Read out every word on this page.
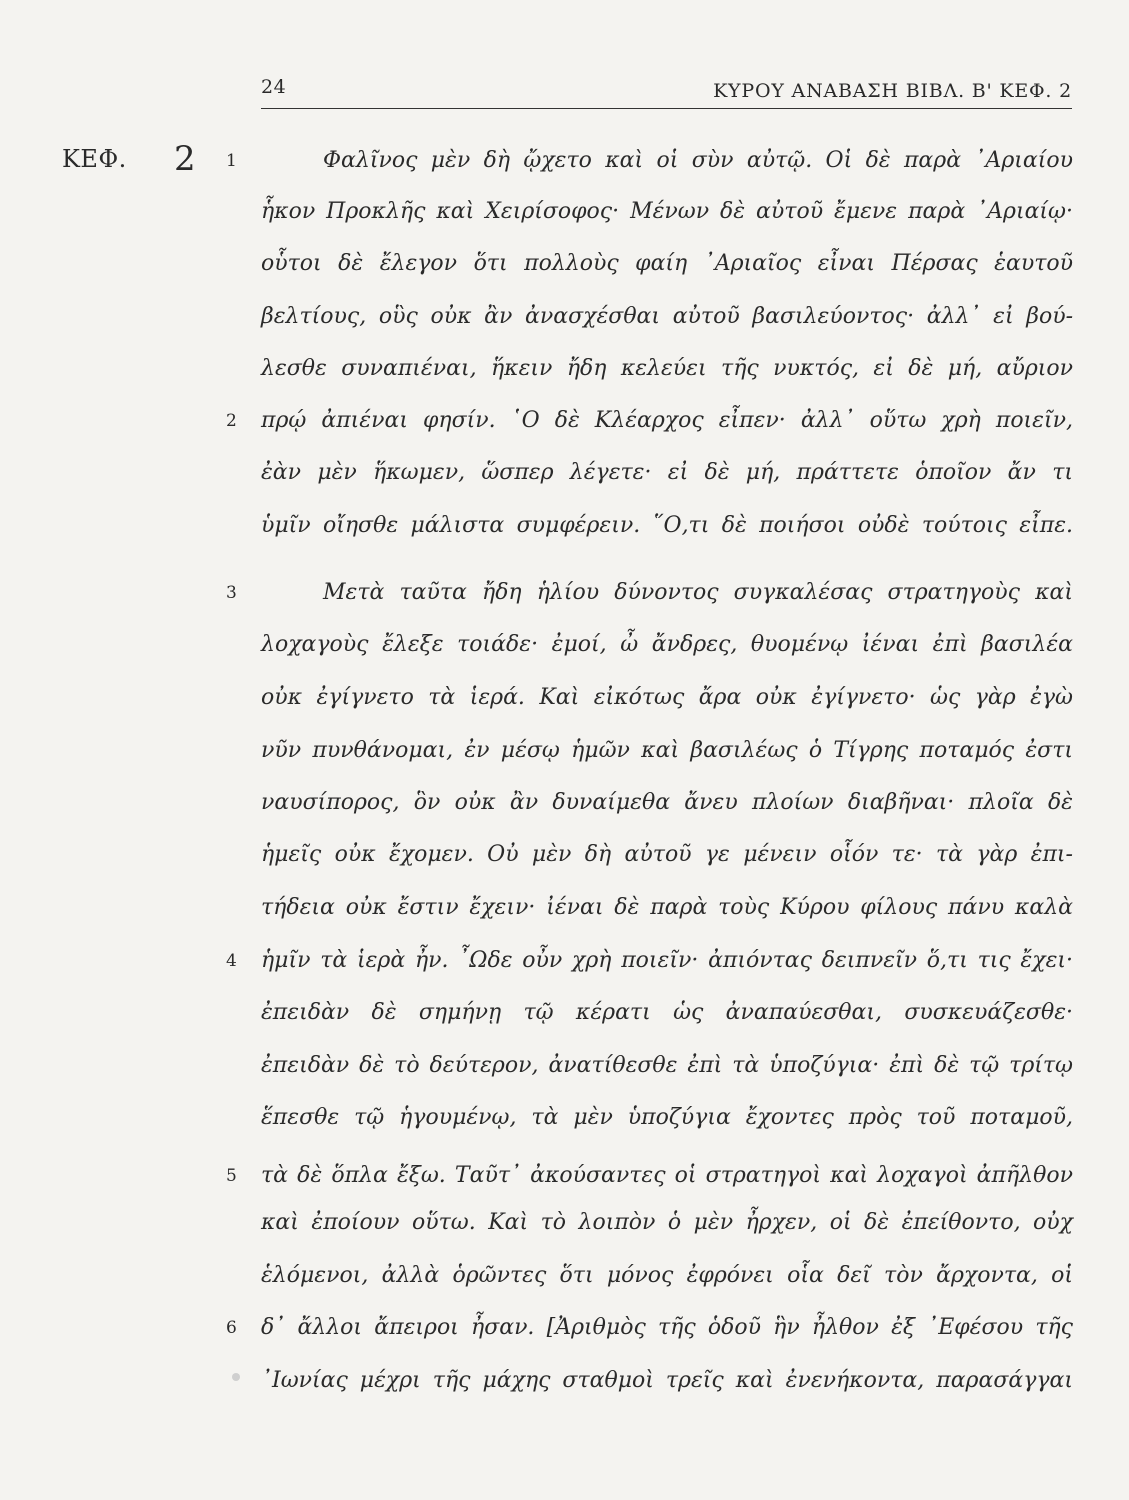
24	ΚΥΡΟΥ ΑΝΑΒΑΣΗ ΒΙΒΛ. Β' ΚΕΦ. 2
ΚΕΦ. 2 1
2
3
4
5
6
Φαλῖνος μὲν δὴ ᾤχετο καὶ οἱ σὺν αὐτῷ. Οἱ δὲ παρὰ ᾿Αριαίου
ἧκον Προκλῆς καὶ Χειρίσοφος· Μένων δὲ αὐτοῦ ἔμενε παρὰ ᾿Αριαίῳ·
οὗτοι δὲ ἔλεγον ὅτι πολλοὺς φαίη ᾿Αριαῖος εἶναι Πέρσας ἑαυτοῦ
βελτίους, οὓς οὐκ ἂν ἀνασχέσθαι αὐτοῦ βασιλεύοντος· ἀλλ᾿ εἰ βού-
λεσθε συναπιέναι, ἥκειν ἤδη κελεύει τῆς νυκτός, εἰ δὲ μή, αὔριον
πρῴ ἀπιέναι φησίν. ῾Ο δὲ Κλέαρχος εἶπεν· ἀλλ᾿ οὕτω χρὴ ποιεῖν,
ἐὰν μὲν ἥκωμεν, ὥσπερ λέγετε· εἰ δὲ μή, πράττετε ὁποῖον ἄν τι
ὑμῖν οἴησθε μάλιστα συμφέρειν. ῞Ο,τι δὲ ποιήσοι οὐδὲ τούτοις εἶπε.
Μετὰ ταῦτα ἤδη ἡλίου δύνοντος συγκαλέσας στρατηγοὺς καὶ
λοχαγοὺς ἔλεξε τοιάδε· ἐμοί, ὦ ἄνδρες, θυομένῳ ἰέναι ἐπὶ βασιλέα
οὐκ ἐγίγνετο τὰ ἱερά. Καὶ εἰκότως ἄρα οὐκ ἐγίγνετο· ὡς γὰρ ἐγὼ
νῦν πυνθάνομαι, ἐν μέσῳ ἡμῶν καὶ βασιλέως ὁ Τίγρης ποταμός ἐστι
ναυσίπορος, ὃν οὐκ ἂν δυναίμεθα ἄνευ πλοίων διαβῆναι· πλοῖα δὲ
ἡμεῖς οὐκ ἔχομεν. Οὐ μὲν δὴ αὐτοῦ γε μένειν οἷόν τε· τὰ γὰρ ἐπι-
τήδεια οὐκ ἔστιν ἔχειν· ἰέναι δὲ παρὰ τοὺς Κύρου φίλους πάνυ καλὰ
ἡμῖν τὰ ἱερὰ ἦν. ῏Ωδε οὖν χρὴ ποιεῖν· ἀπιόντας δειπνεῖν ὅ,τι τις ἔχει·
ἐπειδὰν δὲ σημήνῃ τῷ κέρατι ὡς ἀναπαύεσθαι, συσκευάζεσθε·
ἐπειδὰν δὲ τὸ δεύτερον, ἀνατίθεσθε ἐπὶ τὰ ὑποζύγια· ἐπὶ δὲ τῷ τρίτῳ
ἕπεσθε τῷ ἡγουμένῳ, τὰ μὲν ὑποζύγια ἔχοντες πρὸς τοῦ ποταμοῦ,
τὰ δὲ ὅπλα ἔξω. Ταῦτ᾿ ἀκούσαντες οἱ στρατηγοὶ καὶ λοχαγοὶ ἀπῆλθον
καὶ ἐποίουν οὕτω. Καὶ τὸ λοιπὸν ὁ μὲν ἦρχεν, οἱ δὲ ἐπείθοντο, οὐχ
ἑλόμενοι, ἀλλὰ ὁρῶντες ὅτι μόνος ἐφρόνει οἷα δεῖ τὸν ἄρχοντα, οἱ
δ᾿ ἄλλοι ἄπειροι ἦσαν. [Ἀριθμὸς τῆς ὁδοῦ ἣν ἦλθον ἐξ ᾿Εφέσου τῆς
᾿Ιωνίας μέχρι τῆς μάχης σταθμοὶ τρεῖς καὶ ἐνενήκοντα, παρασάγγαι
